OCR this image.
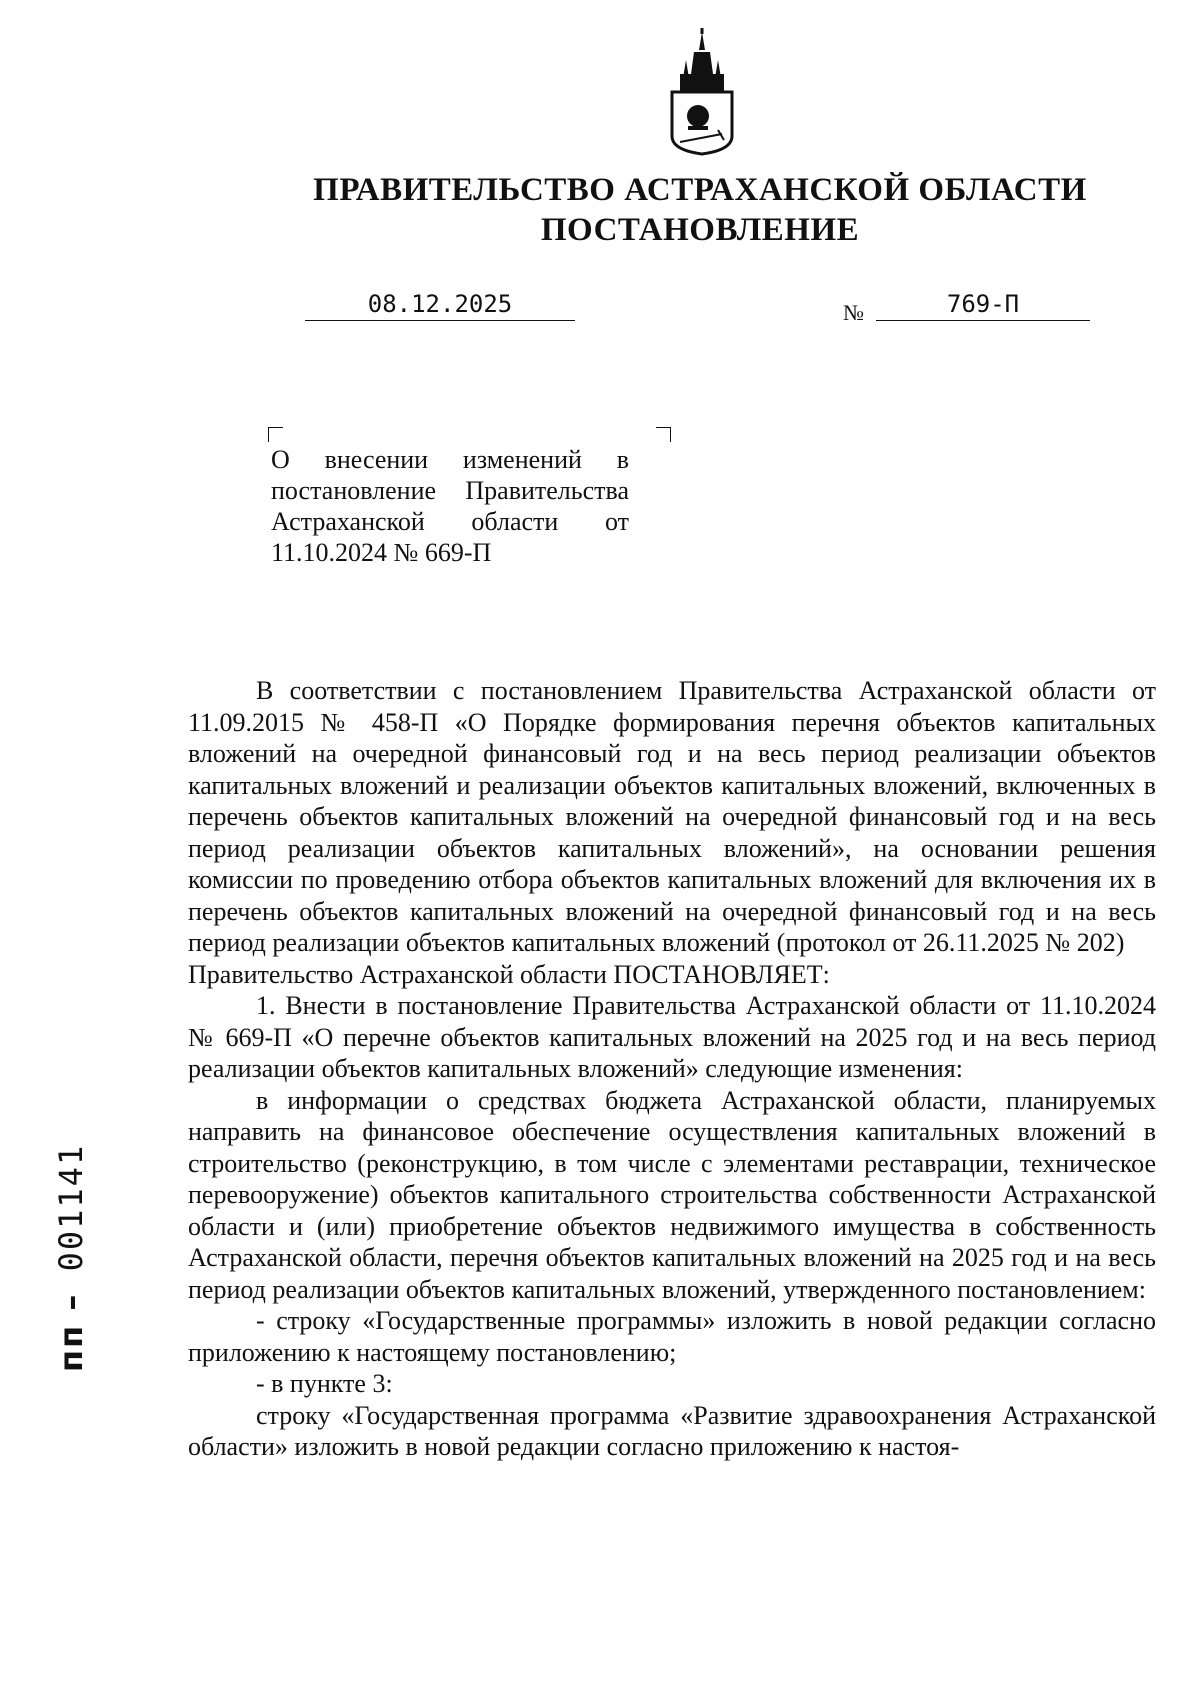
ПРАВИТЕЛЬСТВО АСТРАХАНСКОЙ ОБЛАСТИ
ПОСТАНОВЛЕНИЕ
08.12.2025	№	769-П

О внесении изменений в постановление Правительства Астраханской области от 11.10.2024 № 669-П

В соответствии с постановлением Правительства Астраханской области от 11.09.2015 № 458-П «О Порядке формирования перечня объектов капитальных вложений на очередной финансовый год и на весь период реализации объектов капитальных вложений и реализации объектов капитальных вложений, включенных в перечень объектов капитальных вложений на очередной финансовый год и на весь период реализации объектов капитальных вложений», на основании решения комиссии по проведению отбора объектов капитальных вложений для включения их в перечень объектов капитальных вложений на очередной финансовый год и на весь период реализации объектов капитальных вложений (протокол от 26.11.2025 № 202)

Правительство Астраханской области ПОСТАНОВЛЯЕТ:

1. Внести в постановление Правительства Астраханской области от 11.10.2024 № 669-П «О перечне объектов капитальных вложений на 2025 год и на весь период реализации объектов капитальных вложений» следующие изменения:

в информации о средствах бюджета Астраханской области, планируемых направить на финансовое обеспечение осуществления капитальных вложений в строительство (реконструкцию, в том числе с элементами реставрации, техническое перевооружение) объектов капитального строительства собственности Астраханской области и (или) приобретение объектов недвижимого имущества в собственность Астраханской области, перечня объектов капитальных вложений на 2025 год и на весь период реализации объектов капитальных вложений, утвержденного постановлением:

- строку «Государственные программы» изложить в новой редакции согласно приложению к настоящему постановлению;

- в пункте 3:

строку «Государственная программа «Развитие здравоохранения Астраханской области» изложить в новой редакции согласно приложению к настоя-

пп – 001141
